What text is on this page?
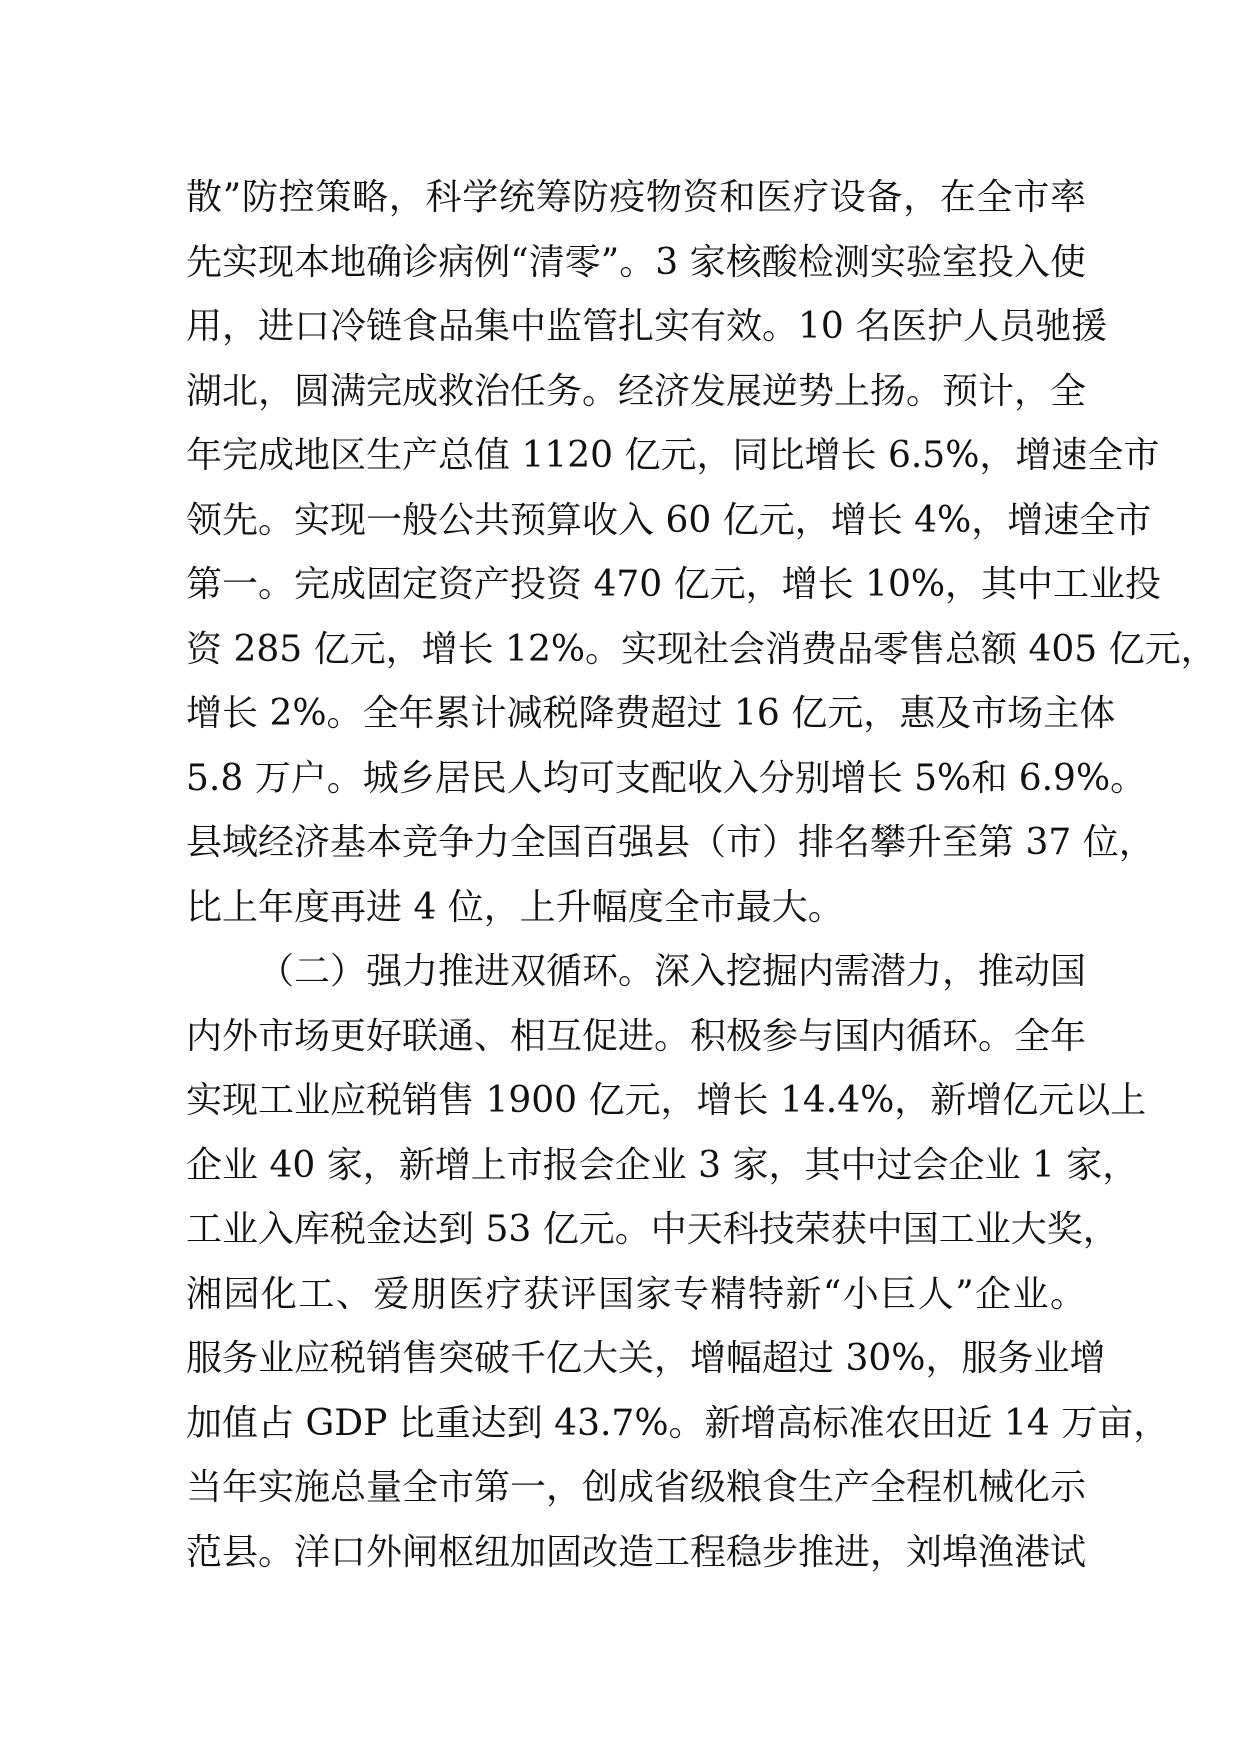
散”防控策略，科学统筹防疫物资和医疗设备，在全市率
先实现本地确诊病例“清零”。3 家核酸检测实验室投入使
用，进口冷链食品集中监管扎实有效。10 名医护人员驰援
湖北，圆满完成救治任务。经济发展逆势上扬。预计，全
年完成地区生产总值 1120 亿元，同比增长 6.5%，增速全市
领先。实现一般公共预算收入 60 亿元，增长 4%，增速全市
第一。完成固定资产投资 470 亿元，增长 10%，其中工业投
资 285 亿元，增长 12%。实现社会消费品零售总额 405 亿元，
增长 2%。全年累计减税降费超过 16 亿元，惠及市场主体
5.8 万户。城乡居民人均可支配收入分别增长 5%和 6.9%。
县域经济基本竞争力全国百强县（市）排名攀升至第 37 位，
比上年度再进 4 位，上升幅度全市最大。
（二）强力推进双循环。深入挖掘内需潜力，推动国
内外市场更好联通、相互促进。积极参与国内循环。全年
实现工业应税销售 1900 亿元，增长 14.4%，新增亿元以上
企业 40 家，新增上市报会企业 3 家，其中过会企业 1 家，
工业入库税金达到 53 亿元。中天科技荣获中国工业大奖，
湘园化工、爱朋医疗获评国家专精特新“小巨人”企业。
服务业应税销售突破千亿大关，增幅超过 30%，服务业增
加值占 GDP 比重达到 43.7%。新增高标准农田近 14 万亩，
当年实施总量全市第一，创成省级粮食生产全程机械化示
范县。洋口外闸枢纽加固改造工程稳步推进，刘埠渔港试
